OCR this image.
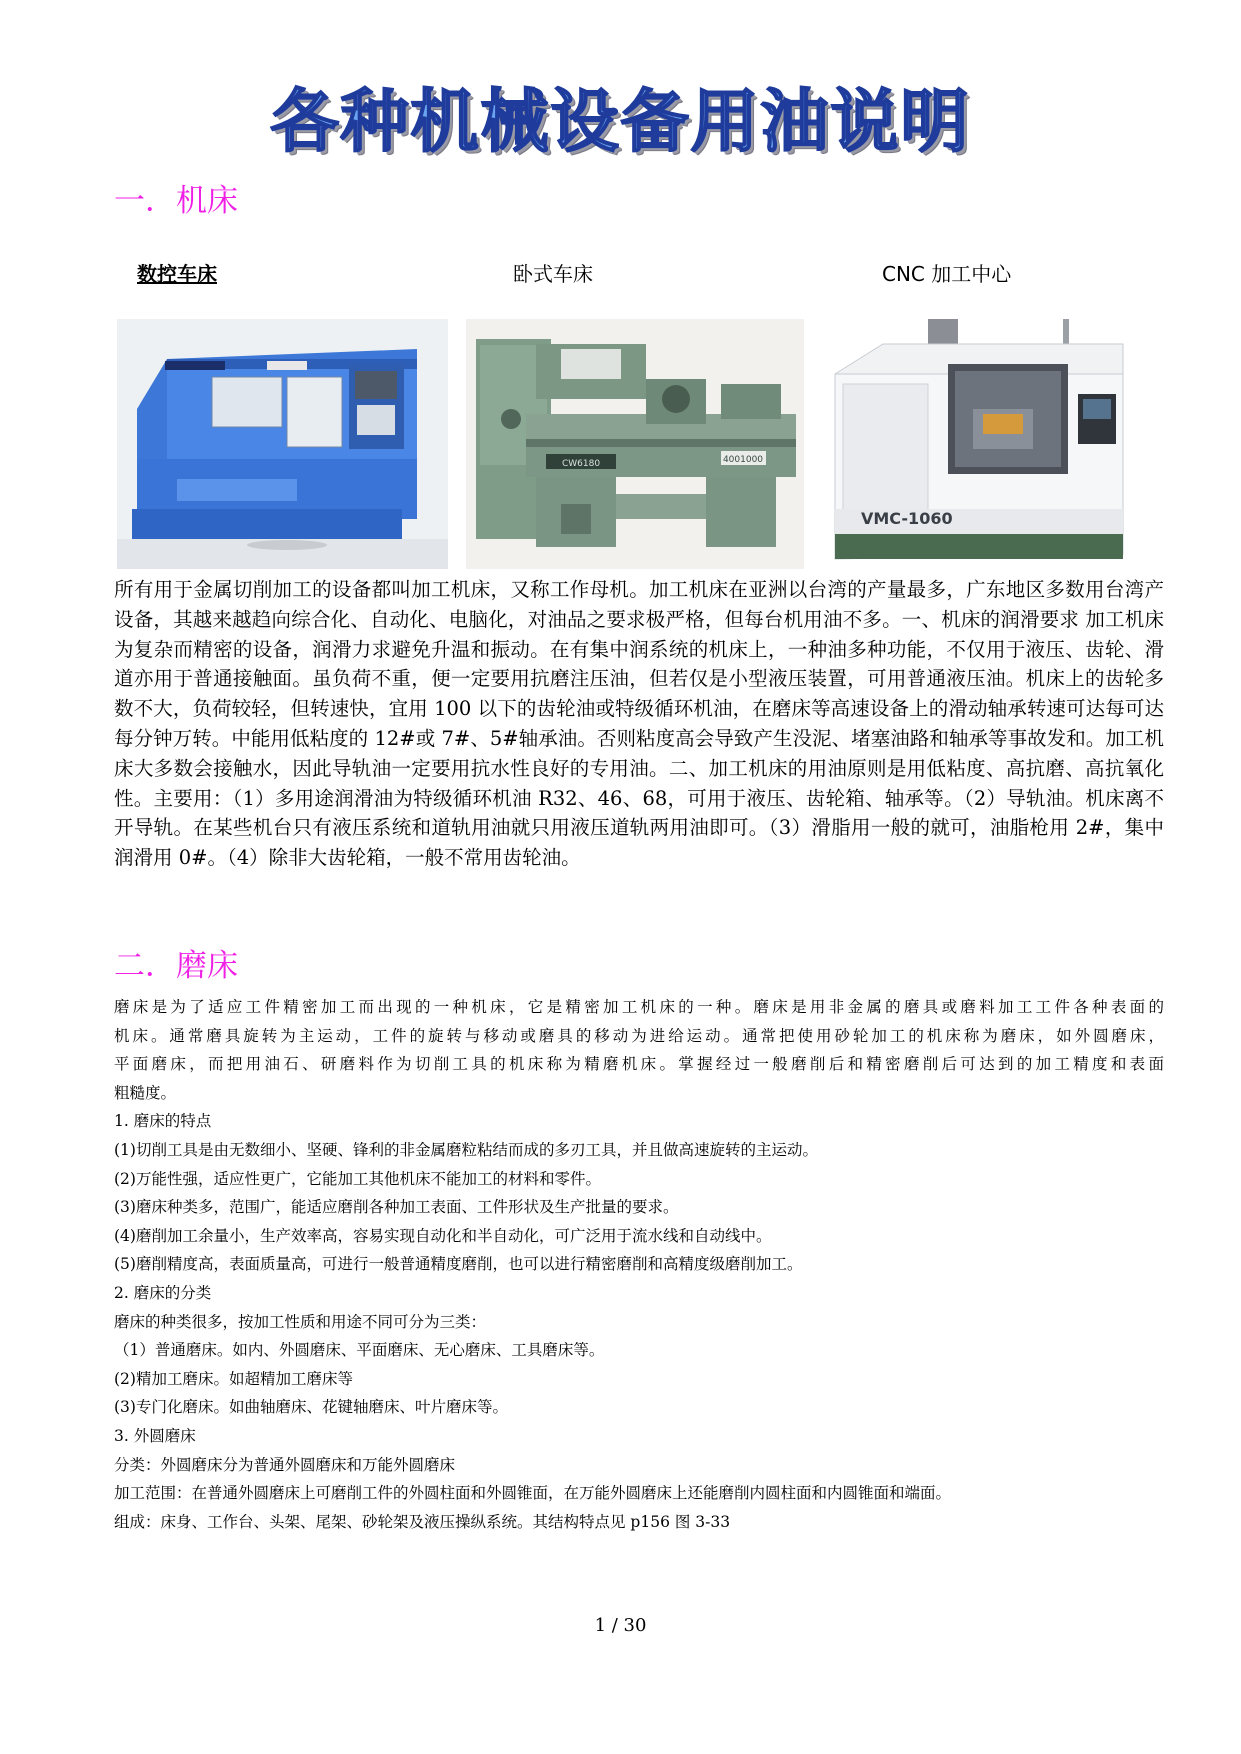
各种机械设备用油说明
一．机床
数控车床	卧式车床	CNC 加工中心
CW6180	4001000
VMC-1060
所有用于金属切削加工的设备都叫加工机床，又称工作母机。加工机床在亚洲以台湾的产量最多，广东地区多数用台湾产设备，其越来越趋向综合化、自动化、电脑化，对油品之要求极严格，但每台机用油不多。一、机床的润滑要求 加工机床为复杂而精密的设备，润滑力求避免升温和振动。在有集中润系统的机床上，一种油多种功能，不仅用于液压、齿轮、滑道亦用于普通接触面。虽负荷不重，便一定要用抗磨注压油，但若仅是小型液压装置，可用普通液压油。机床上的齿轮多数不大，负荷较轻，但转速快，宜用 100 以下的齿轮油或特级循环机油，在磨床等高速设备上的滑动轴承转速可达每可达每分钟万转。中能用低粘度的 12#或 7#、5#轴承油。否则粘度高会导致产生没泥、堵塞油路和轴承等事故发和。加工机床大多数会接触水，因此导轨油一定要用抗水性良好的专用油。二、加工机床的用油原则是用低粘度、高抗磨、高抗氧化性。主要用：（1）多用途润滑油为特级循环机油 R32、46、68，可用于液压、齿轮箱、轴承等。（2）导轨油。机床离不开导轨。在某些机台只有液压系统和道轨用油就只用液压道轨两用油即可。（3）滑脂用一般的就可，油脂枪用 2#，集中润滑用 0#。（4）除非大齿轮箱，一般不常用齿轮油。
二．磨床
磨床是为了适应工件精密加工而出现的一种机床，它是精密加工机床的一种。磨床是用非金属的磨具或磨料加工工件各种表面的
机床。通常磨具旋转为主运动，工件的旋转与移动或磨具的移动为进给运动。通常把使用砂轮加工的机床称为磨床，如外圆磨床，
平面磨床，而把用油石、研磨料作为切削工具的机床称为精磨机床。掌握经过一般磨削后和精密磨削后可达到的加工精度和表面
粗糙度。
1. 磨床的特点
(1)切削工具是由无数细小、坚硬、锋利的非金属磨粒粘结而成的多刃工具，并且做高速旋转的主运动。
(2)万能性强，适应性更广，它能加工其他机床不能加工的材料和零件。
(3)磨床种类多，范围广，能适应磨削各种加工表面、工件形状及生产批量的要求。
(4)磨削加工余量小，生产效率高，容易实现自动化和半自动化，可广泛用于流水线和自动线中。
(5)磨削精度高，表面质量高，可进行一般普通精度磨削，也可以进行精密磨削和高精度级磨削加工。
2. 磨床的分类
磨床的种类很多，按加工性质和用途不同可分为三类：
（1）普通磨床。如内、外圆磨床、平面磨床、无心磨床、工具磨床等。
(2)精加工磨床。如超精加工磨床等
(3)专门化磨床。如曲轴磨床、花键轴磨床、叶片磨床等。
3. 外圆磨床
分类：外圆磨床分为普通外圆磨床和万能外圆磨床
加工范围：在普通外圆磨床上可磨削工件的外圆柱面和外圆锥面，在万能外圆磨床上还能磨削内圆柱面和内圆锥面和端面。
组成：床身、工作台、头架、尾架、砂轮架及液压操纵系统。其结构特点见 p156 图 3-33
1 / 30
